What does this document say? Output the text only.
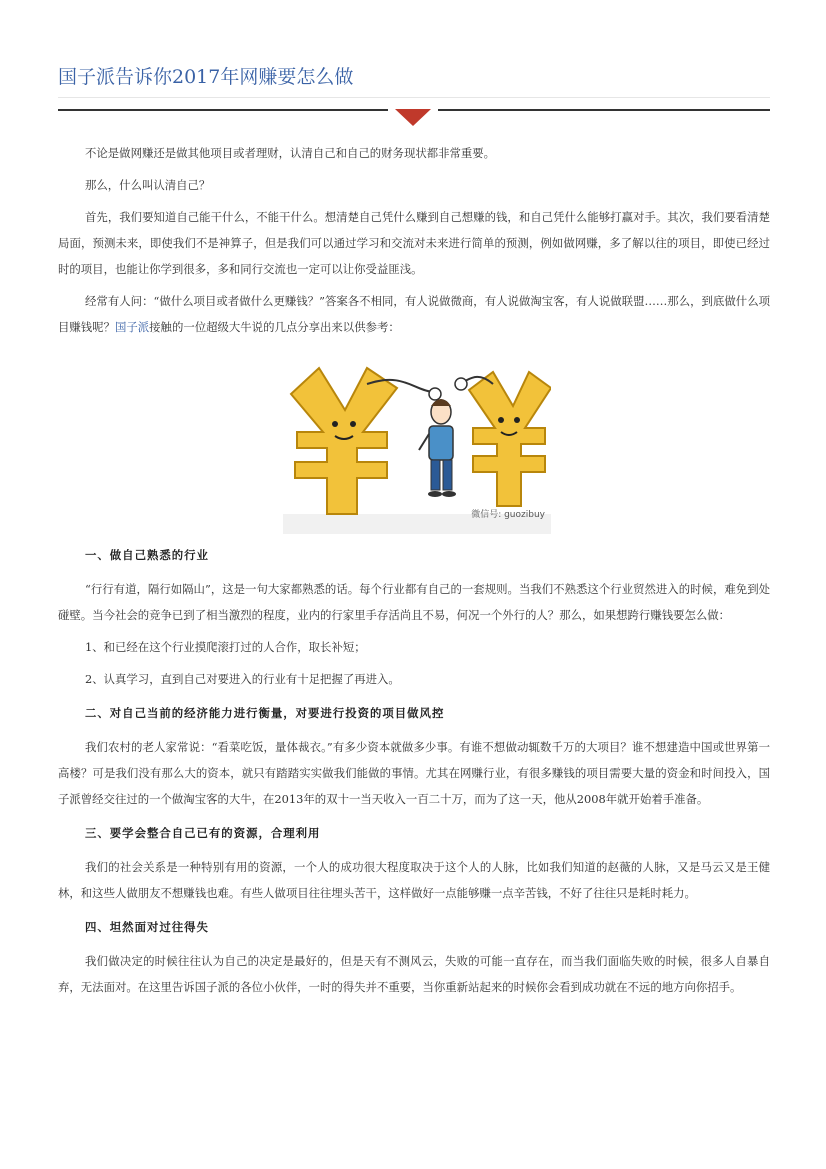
国子派告诉你2017年网赚要怎么做

不论是做网赚还是做其他项目或者理财，认清自己和自己的财务现状都非常重要。

那么，什么叫认清自己？

首先，我们要知道自己能干什么，不能干什么。想清楚自己凭什么赚到自己想赚的钱，和自己凭什么能够打赢对手。其次，我们要看清楚局面，预测未来，即使我们不是神算子，但是我们可以通过学习和交流对未来进行简单的预测，例如做网赚，多了解以往的项目，即使已经过时的项目，也能让你学到很多，多和同行交流也一定可以让你受益匪浅。

经常有人问：“做什么项目或者做什么更赚钱？”答案各不相同，有人说做微商，有人说做淘宝客，有人说做联盟……那么，到底做什么项目赚钱呢？国子派接触的一位超级大牛说的几点分享出来以供参考：

微信号: guozibuy
一、做自己熟悉的行业

“行行有道，隔行如隔山”，这是一句大家都熟悉的话。每个行业都有自己的一套规则。当我们不熟悉这个行业贸然进入的时候，难免到处碰壁。当今社会的竞争已到了相当激烈的程度，业内的行家里手存活尚且不易，何况一个外行的人？那么，如果想跨行赚钱要怎么做：

1、和已经在这个行业摸爬滚打过的人合作，取长补短；

2、认真学习，直到自己对要进入的行业有十足把握了再进入。

二、对自己当前的经济能力进行衡量，对要进行投资的项目做风控

我们农村的老人家常说：“看菜吃饭，量体裁衣。”有多少资本就做多少事。有谁不想做动辄数千万的大项目？谁不想建造中国或世界第一高楼？可是我们没有那么大的资本，就只有踏踏实实做我们能做的事情。尤其在网赚行业，有很多赚钱的项目需要大量的资金和时间投入，国子派曾经交往过的一个做淘宝客的大牛，在2013年的双十一当天收入一百二十万，而为了这一天，他从2008年就开始着手准备。

三、要学会整合自己已有的资源，合理利用

我们的社会关系是一种特别有用的资源，一个人的成功很大程度取决于这个人的人脉，比如我们知道的赵薇的人脉，又是马云又是王健林，和这些人做朋友不想赚钱也难。有些人做项目往往埋头苦干，这样做好一点能够赚一点辛苦钱，不好了往往只是耗时耗力。

四、坦然面对过往得失

我们做决定的时候往往认为自己的决定是最好的，但是天有不测风云，失败的可能一直存在，而当我们面临失败的时候，很多人自暴自弃，无法面对。在这里告诉国子派的各位小伙伴，一时的得失并不重要，当你重新站起来的时候你会看到成功就在不远的地方向你招手。
